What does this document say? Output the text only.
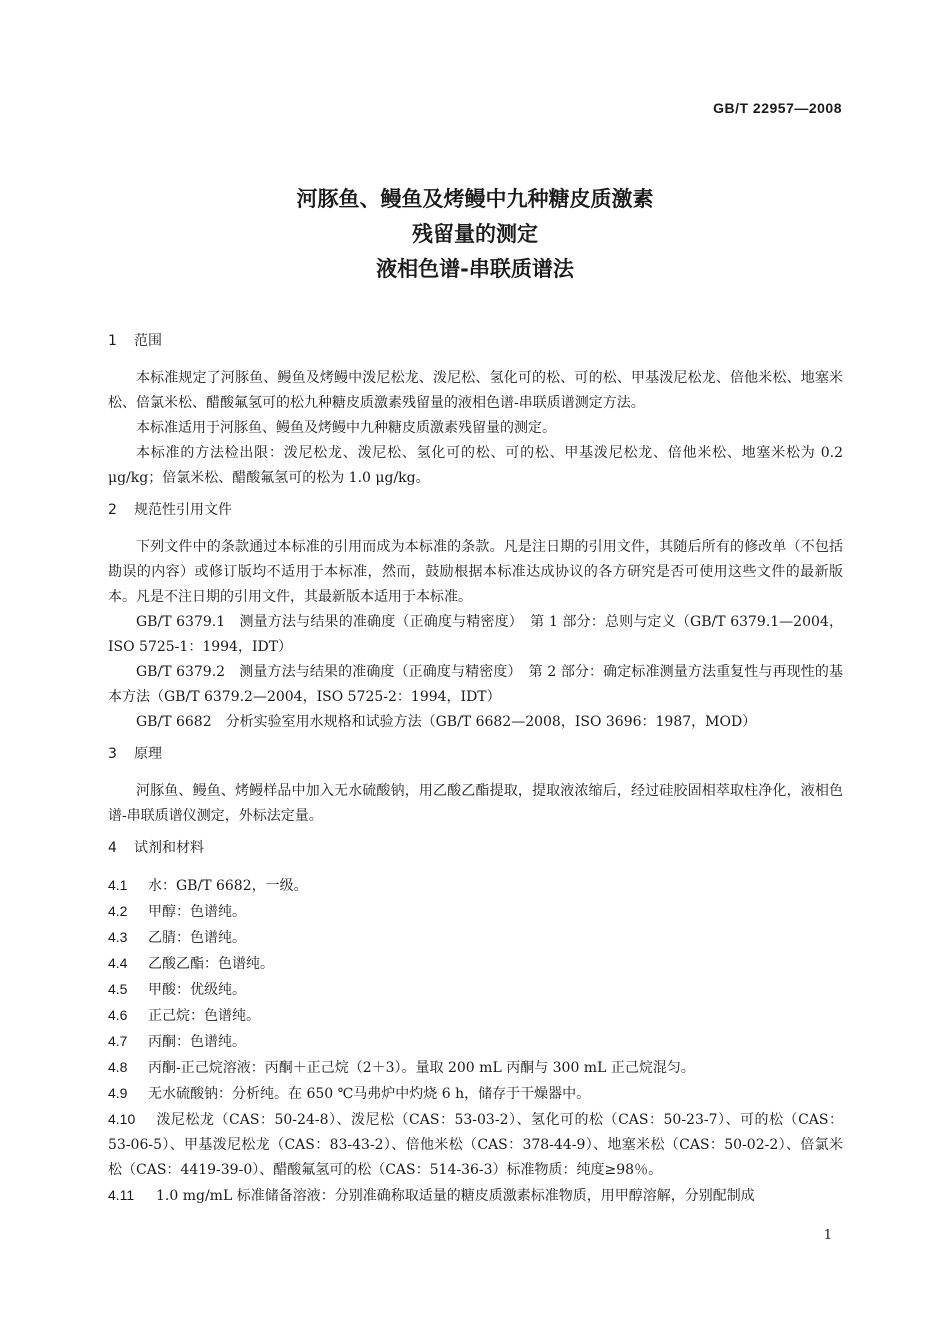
GB/T 22957—2008
河豚鱼、鳗鱼及烤鳗中九种糖皮质激素
残留量的测定
液相色谱-串联质谱法
1 范围

本标准规定了河豚鱼、鳗鱼及烤鳗中泼尼松龙、泼尼松、氢化可的松、可的松、甲基泼尼松龙、倍他米松、地塞米松、倍氯米松、醋酸氟氢可的松九种糖皮质激素残留量的液相色谱-串联质谱测定方法。

本标准适用于河豚鱼、鳗鱼及烤鳗中九种糖皮质激素残留量的测定。

本标准的方法检出限：泼尼松龙、泼尼松、氢化可的松、可的松、甲基泼尼松龙、倍他米松、地塞米松为 0.2 μg/kg；倍氯米松、醋酸氟氢可的松为 1.0 μg/kg。

2 规范性引用文件

下列文件中的条款通过本标准的引用而成为本标准的条款。凡是注日期的引用文件，其随后所有的修改单（不包括勘误的内容）或修订版均不适用于本标准，然而，鼓励根据本标准达成协议的各方研究是否可使用这些文件的最新版本。凡是不注日期的引用文件，其最新版本适用于本标准。

GB/T 6379.1　测量方法与结果的准确度（正确度与精密度）　第 1 部分：总则与定义（GB/T 6379.1—2004，ISO 5725-1：1994，IDT）

GB/T 6379.2　测量方法与结果的准确度（正确度与精密度）　第 2 部分：确定标准测量方法重复性与再现性的基本方法（GB/T 6379.2—2004，ISO 5725-2：1994，IDT）

GB/T 6682　分析实验室用水规格和试验方法（GB/T 6682—2008，ISO 3696：1987，MOD）

3 原理

河豚鱼、鳗鱼、烤鳗样品中加入无水硫酸钠，用乙酸乙酯提取，提取液浓缩后，经过硅胶固相萃取柱净化，液相色谱-串联质谱仪测定，外标法定量。

4 试剂和材料
4.1 水：GB/T 6682，一级。
4.2 甲醇：色谱纯。
4.3 乙腈：色谱纯。
4.4 乙酸乙酯：色谱纯。
4.5 甲酸：优级纯。
4.6 正己烷：色谱纯。
4.7 丙酮：色谱纯。
4.8 丙酮-正己烷溶液：丙酮＋正己烷（2＋3）。量取 200 mL 丙酮与 300 mL 正己烷混匀。
4.9 无水硫酸钠：分析纯。在 650 ℃马弗炉中灼烧 6 h，储存于干燥器中。
4.10 泼尼松龙（CAS：50-24-8）、泼尼松（CAS：53-03-2）、氢化可的松（CAS：50-23-7）、可的松（CAS：53-06-5）、甲基泼尼松龙（CAS：83-43-2）、倍他米松（CAS：378-44-9）、地塞米松（CAS：50-02-2）、倍氯米松（CAS：4419-39-0）、醋酸氟氢可的松（CAS：514-36-3）标准物质：纯度≥98％。
4.11 1.0 mg/mL 标准储备溶液：分别准确称取适量的糖皮质激素标准物质，用甲醇溶解，分别配制成
1
